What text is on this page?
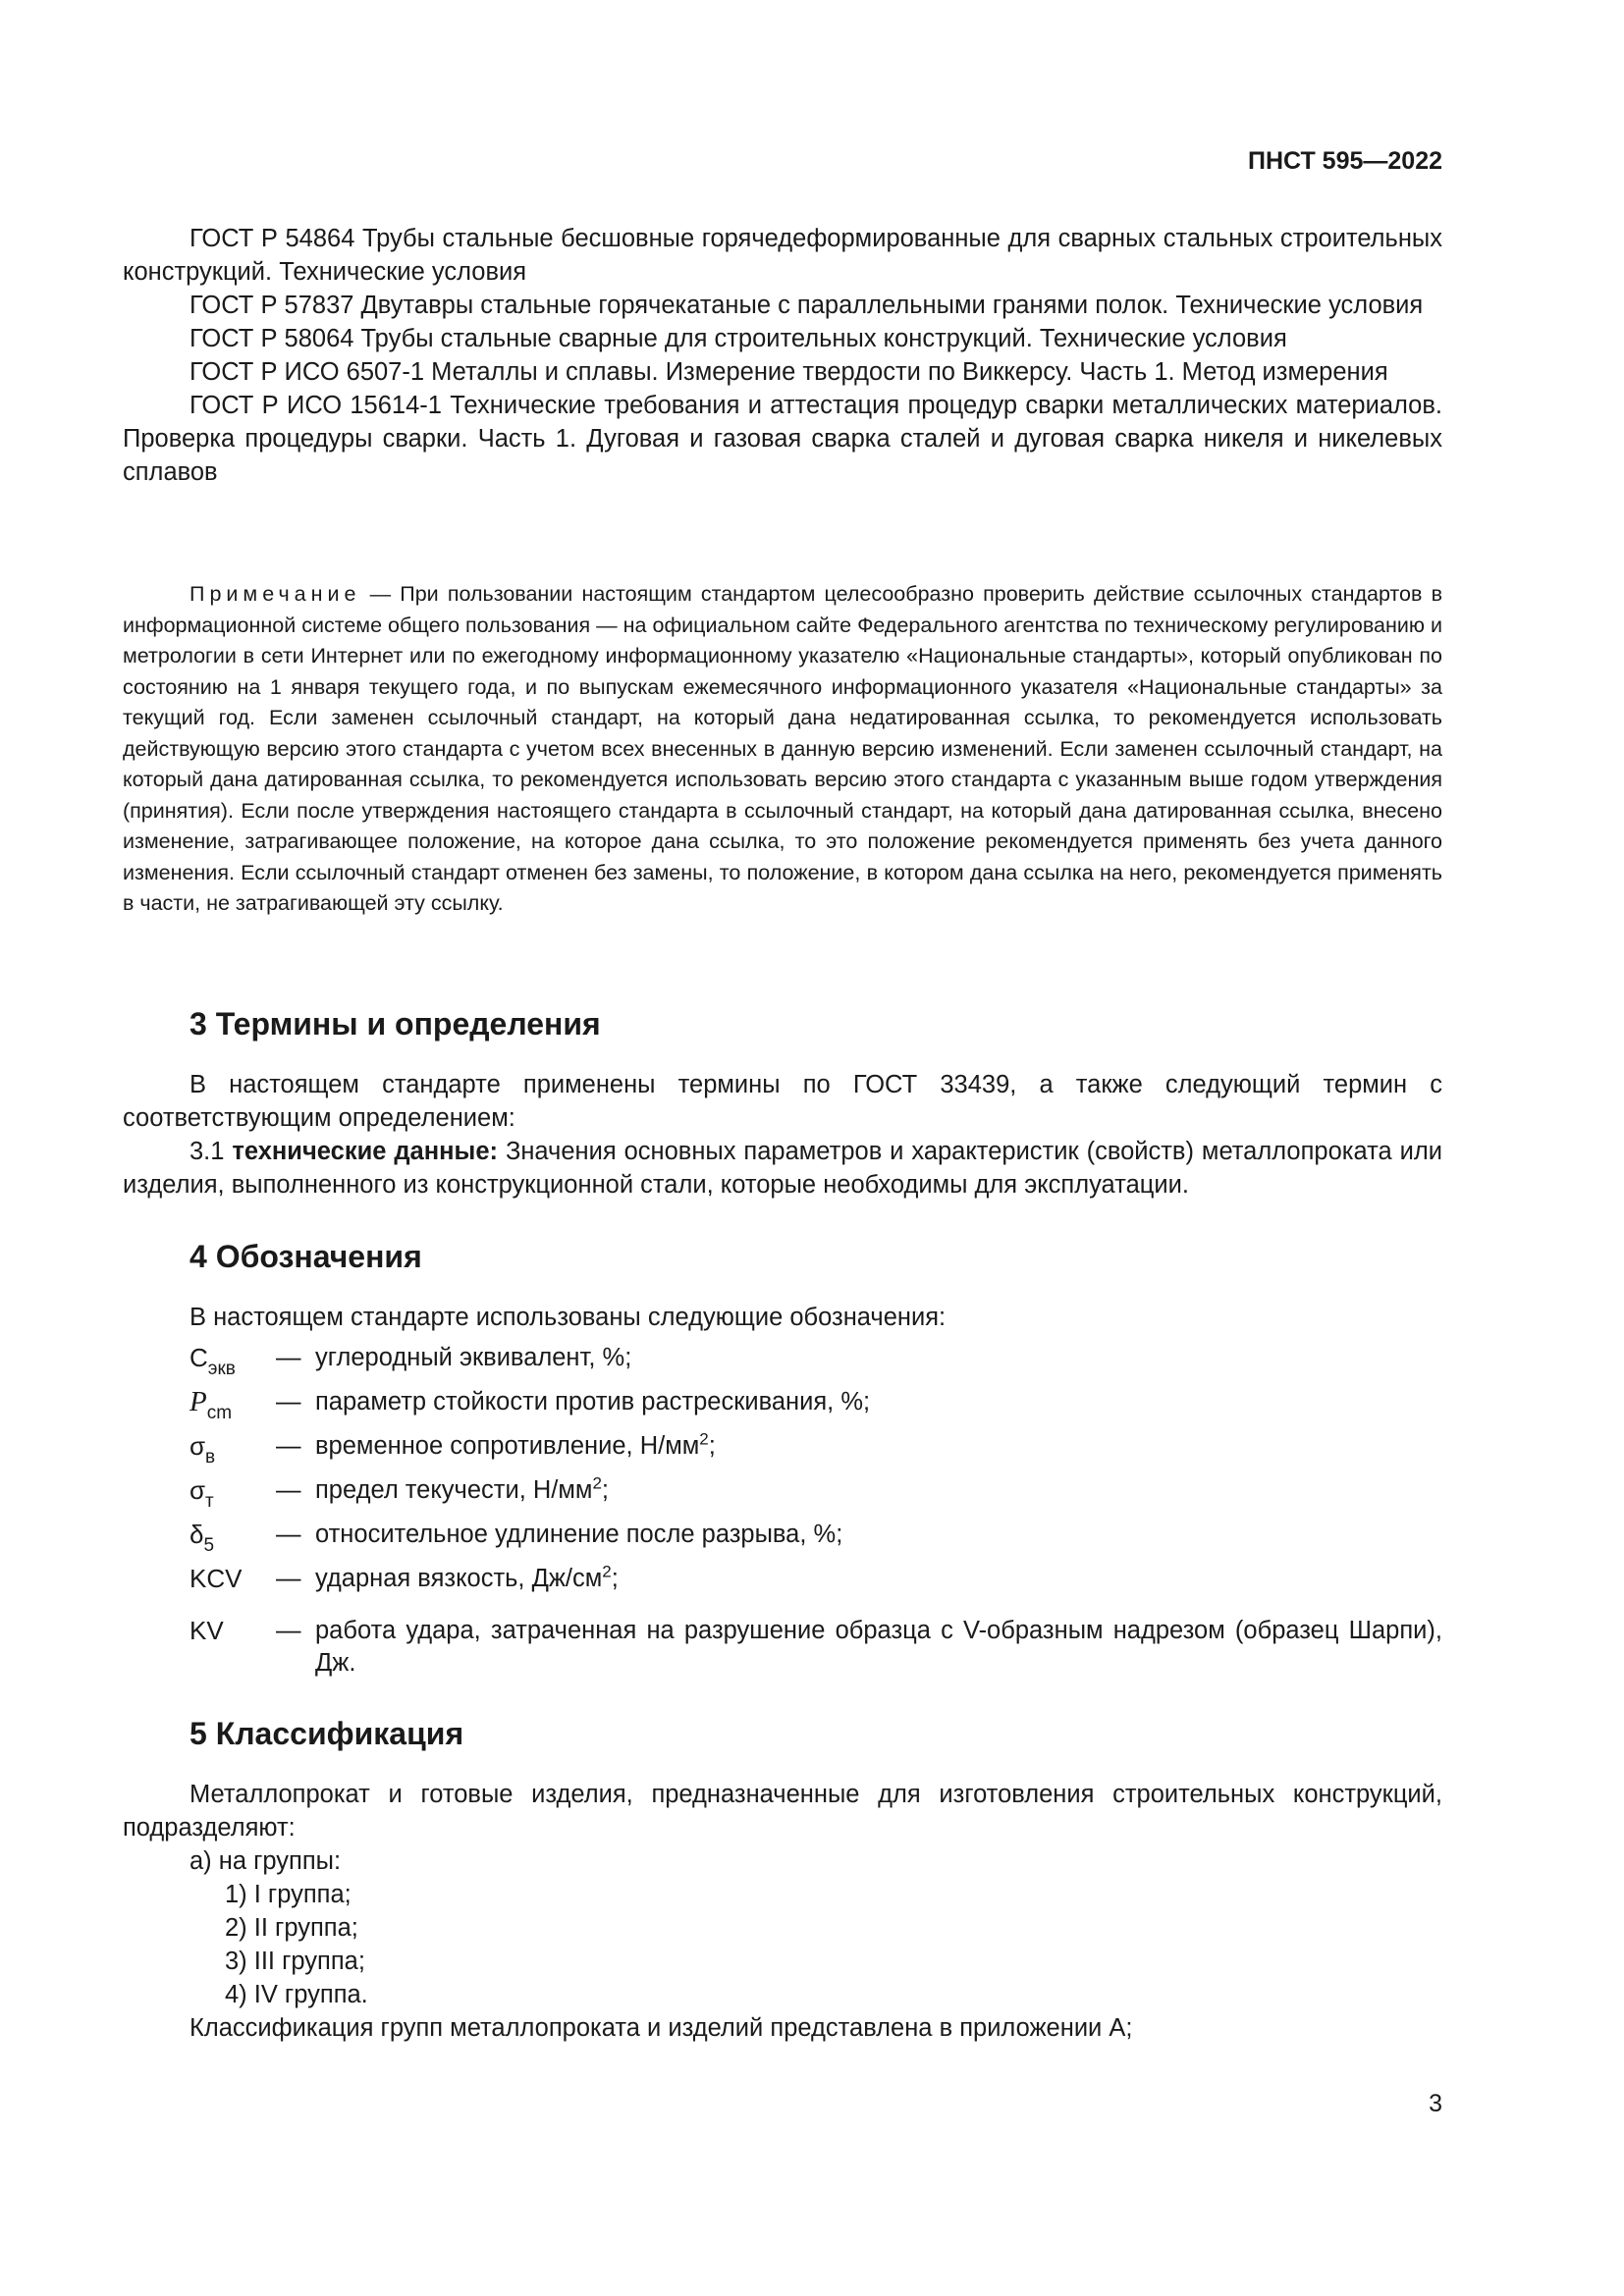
ПНСТ 595—2022

ГОСТ Р 54864 Трубы стальные бесшовные горячедеформированные для сварных стальных строительных конструкций. Технические условия

ГОСТ Р 57837 Двутавры стальные горячекатаные с параллельными гранями полок. Технические условия

ГОСТ Р 58064 Трубы стальные сварные для строительных конструкций. Технические условия

ГОСТ Р ИСО 6507-1 Металлы и сплавы. Измерение твердости по Виккерсу. Часть 1. Метод измерения

ГОСТ Р ИСО 15614-1 Технические требования и аттестация процедур сварки металлических материалов. Проверка процедуры сварки. Часть 1. Дуговая и газовая сварка сталей и дуговая сварка никеля и никелевых сплавов

Примечание — При пользовании настоящим стандартом целесообразно проверить действие ссылочных стандартов в информационной системе общего пользования — на официальном сайте Федерального агентства по техническому регулированию и метрологии в сети Интернет или по ежегодному информационному указателю «Национальные стандарты», который опубликован по состоянию на 1 января текущего года, и по выпускам ежемесячного информационного указателя «Национальные стандарты» за текущий год. Если заменен ссылочный стандарт, на который дана недатированная ссылка, то рекомендуется использовать действующую версию этого стандарта с учетом всех внесенных в данную версию изменений. Если заменен ссылочный стандарт, на который дана датированная ссылка, то рекомендуется использовать версию этого стандарта с указанным выше годом утверждения (принятия). Если после утверждения настоящего стандарта в ссылочный стандарт, на который дана датированная ссылка, внесено изменение, затрагивающее положение, на которое дана ссылка, то это положение рекомендуется применять без учета данного изменения. Если ссылочный стандарт отменен без замены, то положение, в котором дана ссылка на него, рекомендуется применять в части, не затрагивающей эту ссылку.

3 Термины и определения

В настоящем стандарте применены термины по ГОСТ 33439, а также следующий термин с соответствующим определением:

3.1 технические данные: Значения основных параметров и характеристик (свойств) металлопроката или изделия, выполненного из конструкционной стали, которые необходимы для эксплуатации.

4 Обозначения

В настоящем стандарте использованы следующие обозначения:

$C_{экв}$	— углеродный эквивалент, %;
$P_{cm}$	— параметр стойкости против растрескивания, %;
$\sigma_в$	— временное сопротивление, $Н/мм^2$;
$\sigma_т$	— предел текучести, $Н/мм^2$;
$\delta_5$	— относительное удлинение после разрыва, %;
KCV	— ударная вязкость, $Дж/см^2$;
KV	— работа удара, затраченная на разрушение образца с V-образным надрезом (образец Шарпи), Дж.
5 Классификация

Металлопрокат и готовые изделия, предназначенные для изготовления строительных конструкций, подразделяют:

а) на группы:
1) I группа;
2) II группа;
3) III группа;
4) IV группа.

Классификация групп металлопроката и изделий представлена в приложении А;

3
